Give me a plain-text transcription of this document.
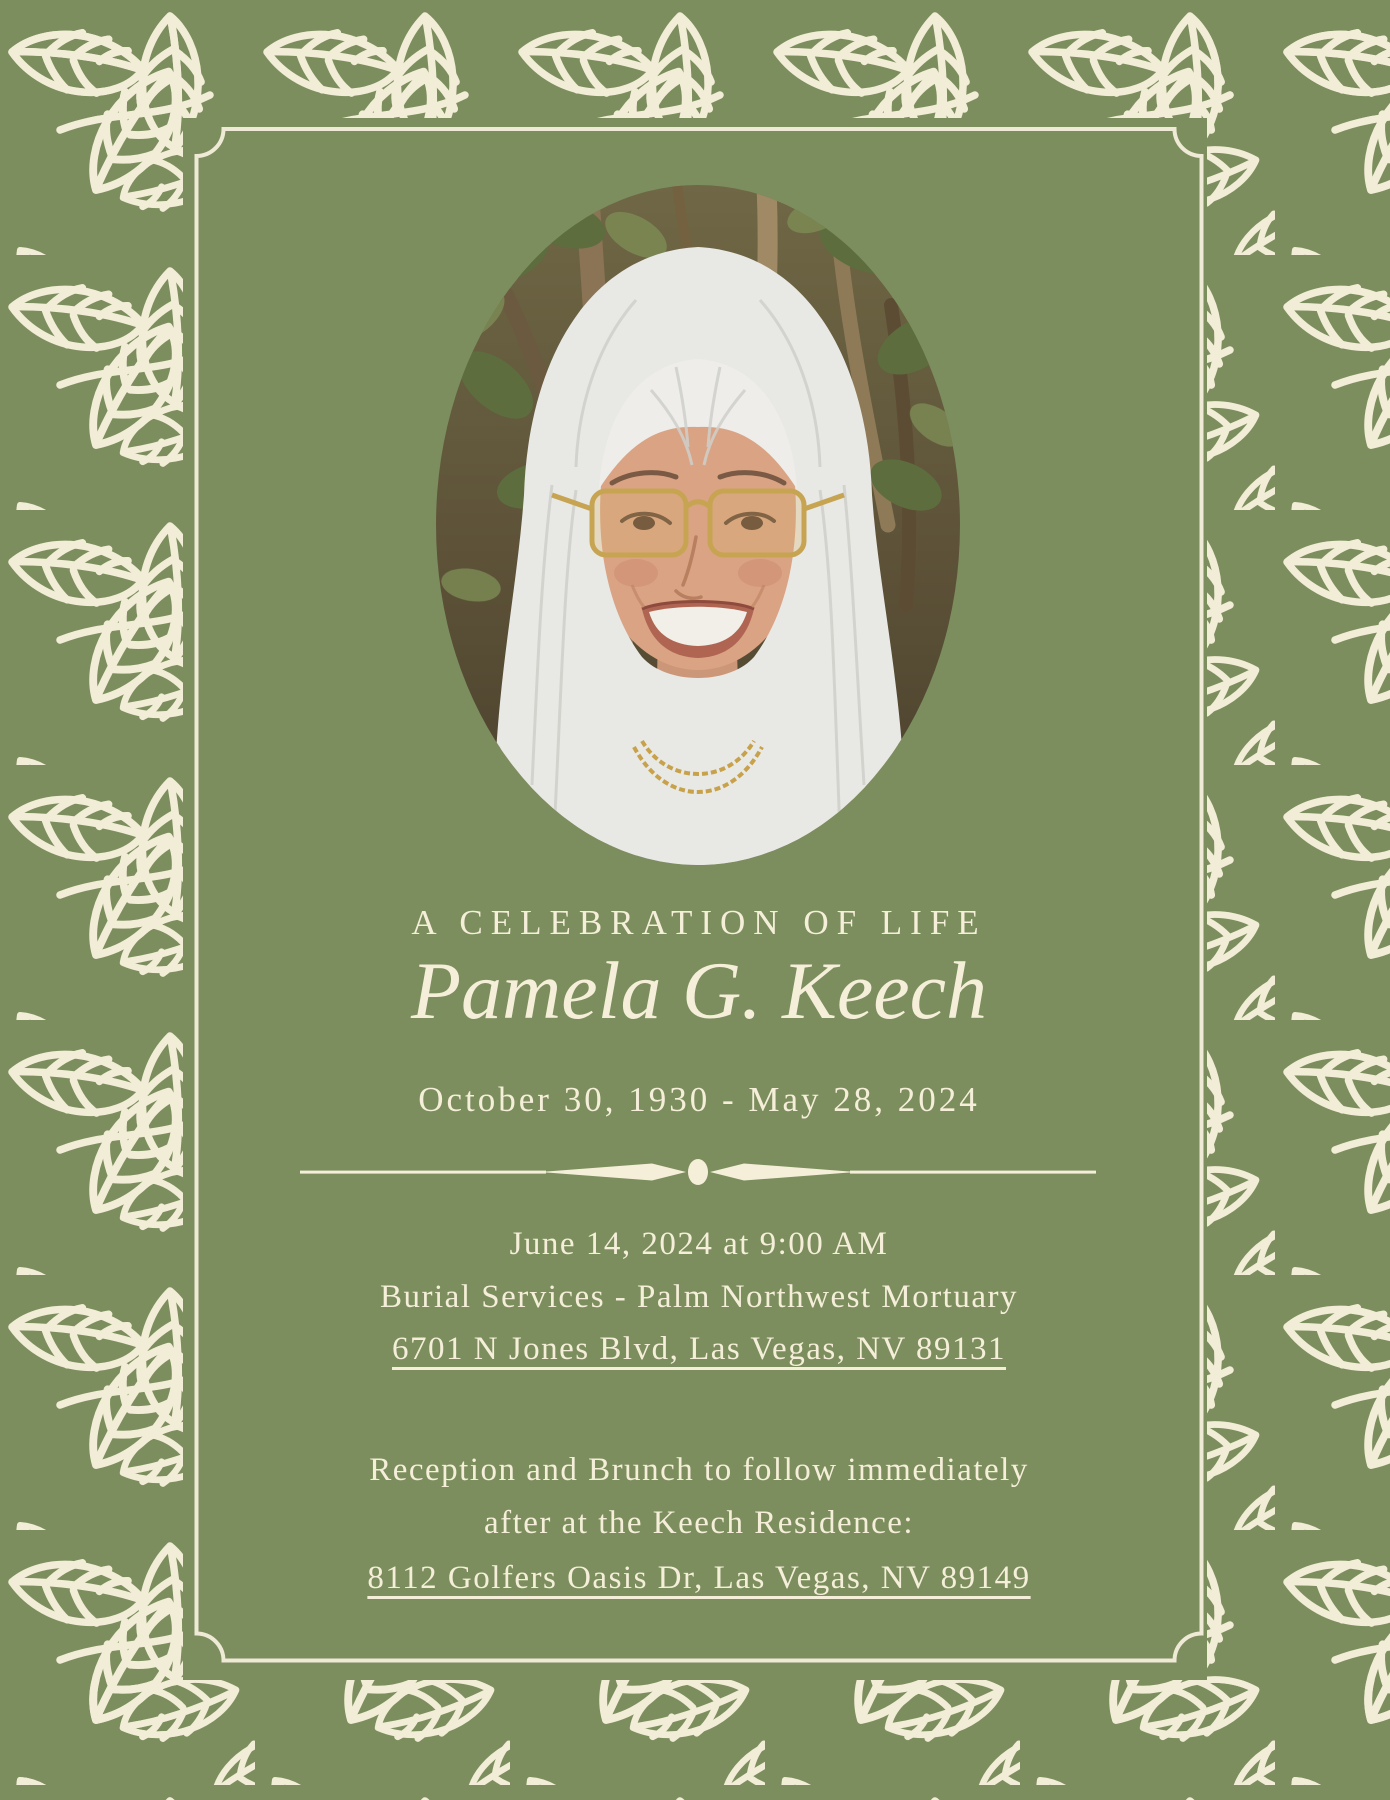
A CELEBRATION OF LIFE
Pamela G. Keech
October 30, 1930 - May 28, 2024
June 14, 2024 at 9:00 AM
Burial Services - Palm Northwest Mortuary
6701 N Jones Blvd, Las Vegas, NV 89131
Reception and Brunch to follow immediately
after at the Keech Residence:
8112 Golfers Oasis Dr, Las Vegas, NV 89149
